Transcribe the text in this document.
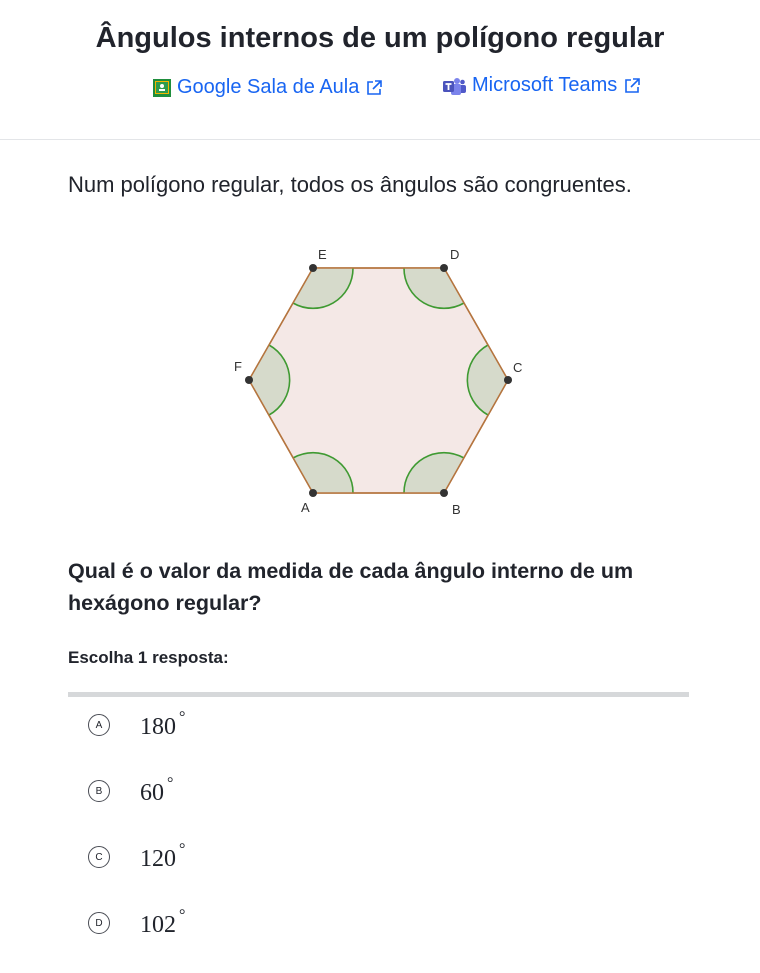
Ângulos internos de um polígono regular
Google Sala de Aula	Microsoft Teams
Num polígono regular, todos os ângulos são congruentes.
A	B
C
D
E
F
Qual é o valor da medida de cada ângulo interno de um hexágono regular?
Escolha 1 resposta:
A	180 °
B	60 °
C	120 °
D	102 °
